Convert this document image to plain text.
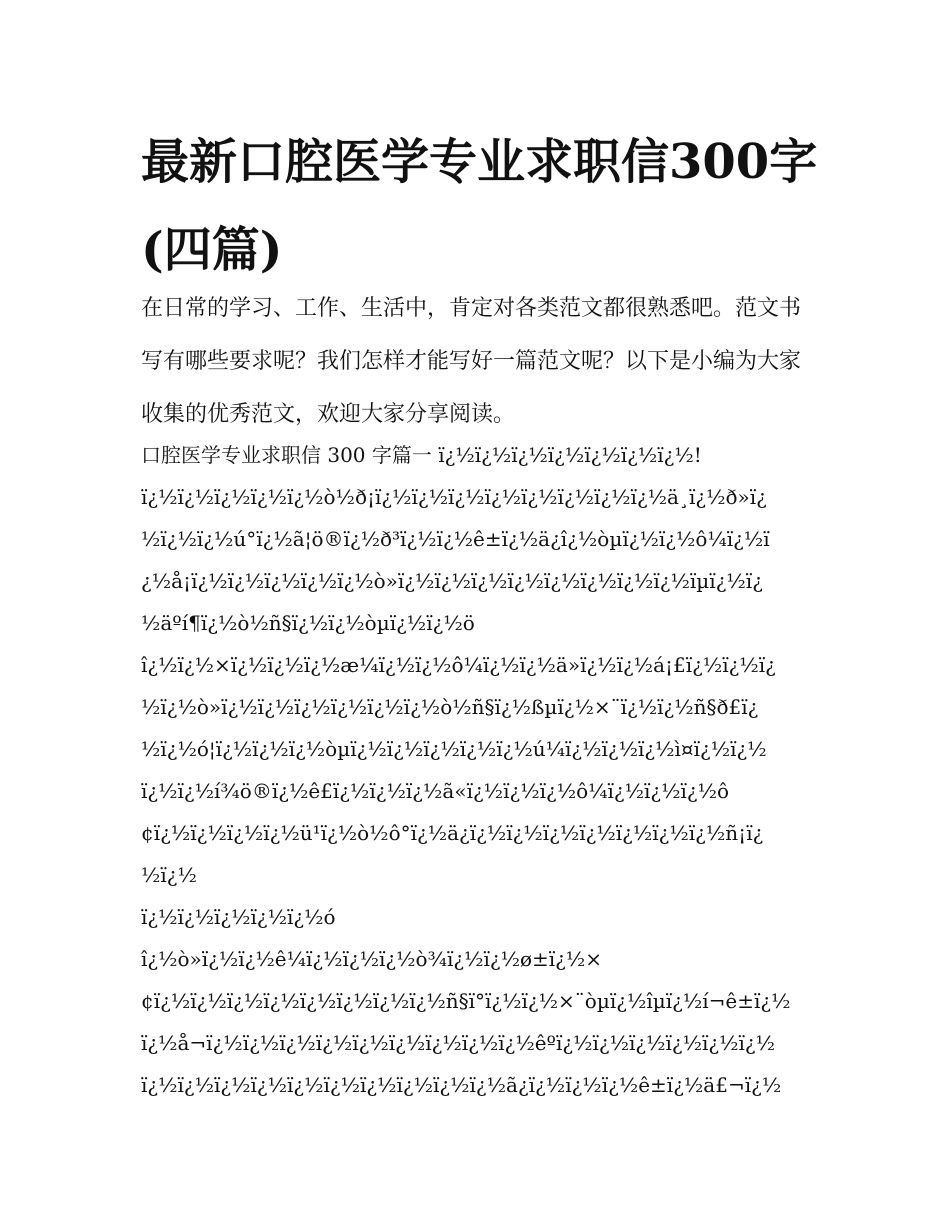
最新口腔医学专业求职信300字(四篇)

在日常的学习、工作、生活中，肯定对各类范文都很熟悉吧。范文书写有哪些要求呢？我们怎样才能写好一篇范文呢？以下是小编为大家收集的优秀范文，欢迎大家分享阅读。

口腔医学专业求职信 300 字篇一 ï¿½ï¿½ï¿½ï¿½ï¿½ï¿½ï¿½!
ï¿½ï¿½ï¿½ï¿½ï¿½ò½ð¡ï¿½ï¿½ï¿½ï¿½ï¿½ï¿½ï¿½ï¿½ä¸ï¿½ð»ï¿
½ï¿½ï¿½ú°ï¿½ã¦ö®ï¿½ð³ï¿½ï¿½ê±ï¿½ä¿î¿½òµï¿½ï¿½ô¼ï¿½ï
¿½å¡ï¿½ï¿½ï¿½ï¿½ï¿½ò»ï¿½ï¿½ï¿½ï¿½ï¿½ï¿½ï¿½ï¿½ïµï¿½ï¿
½äºí¶ï¿½ò½ñ§ï¿½ï¿½òµï¿½ï¿½ö
î¿½ï¿½×ï¿½ï¿½ï¿½æ¼ï¿½ï¿½ô¼ï¿½ï¿½ä»ï¿½ï¿½á¡£ï¿½ï¿½ï¿
½ï¿½ò»ï¿½ï¿½ï¿½ï¿½ï¿½ï¿½ò½ñ§ï¿½ßµï¿½×¨ï¿½ï¿½ñ§ð£ï¿
½ï¿½ó¦ï¿½ï¿½ï¿½òµï¿½ï¿½ï¿½ï¿½ï¿½ú¼ï¿½ï¿½ï¿½ì¤ï¿½ï¿½
ï¿½ï¿½í¾ö®ï¿½ê£ï¿½ï¿½ï¿½ã«ï¿½ï¿½ï¿½ô¼ï¿½ï¿½ï¿½ô
¢ï¿½ï¿½ï¿½ï¿½ü¹ï¿½ò½ô°ï¿½ä¿ï¿½ï¿½ï¿½ï¿½ï¿½ï¿½ï¿½ñ¡ï¿
½ï¿½
ï¿½ï¿½ï¿½ï¿½ï¿½ó
î¿½ò»ï¿½ï¿½ê¼ï¿½ï¿½ï¿½ò¾ï¿½ï¿½ø±ï¿½×
¢ï¿½ï¿½ï¿½ï¿½ï¿½ï¿½ï¿½ï¿½ñ§ï°ï¿½ï¿½×¨òµï¿½îµï¿½í¬ê±ï¿½
ï¿½å¬ï¿½ï¿½ï¿½ï¿½ï¿½ï¿½ï¿½ï¿½ï¿½êºï¿½ï¿½ï¿½ï¿½ï¿½ï¿½
ï¿½ï¿½ï¿½ï¿½ï¿½ï¿½ï¿½ï¿½ï¿½ï¿½ã¿ï¿½ï¿½ï¿½ê±ï¿½ä£¬ï¿½
